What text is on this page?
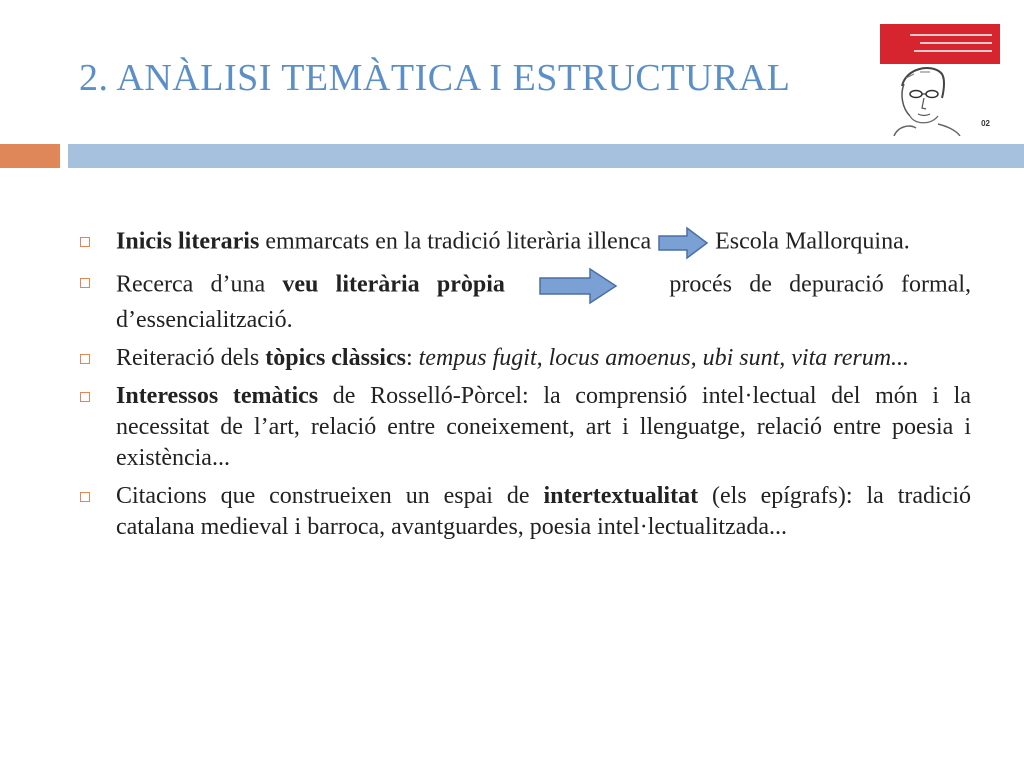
2. ANÀLISI TEMÀTICA I ESTRUCTURAL
02
Inicis literaris emmarcats en la tradició literària illenca	Escola Mallorquina.
Recerca d’una veu literària pròpia	procés de depuració formal, d’essencialització.
Reiteració dels tòpics clàssics: tempus fugit, locus amoenus, ubi sunt, vita rerum...
Interessos temàtics de Rosselló-Pòrcel: la comprensió intel·lectual del món i la necessitat de l’art, relació entre coneixement, art i llenguatge, relació entre poesia i existència...
Citacions que construeixen un espai de intertextualitat (els epígrafs): la tradició catalana medieval i barroca, avantguardes, poesia intel·lectualitzada...
